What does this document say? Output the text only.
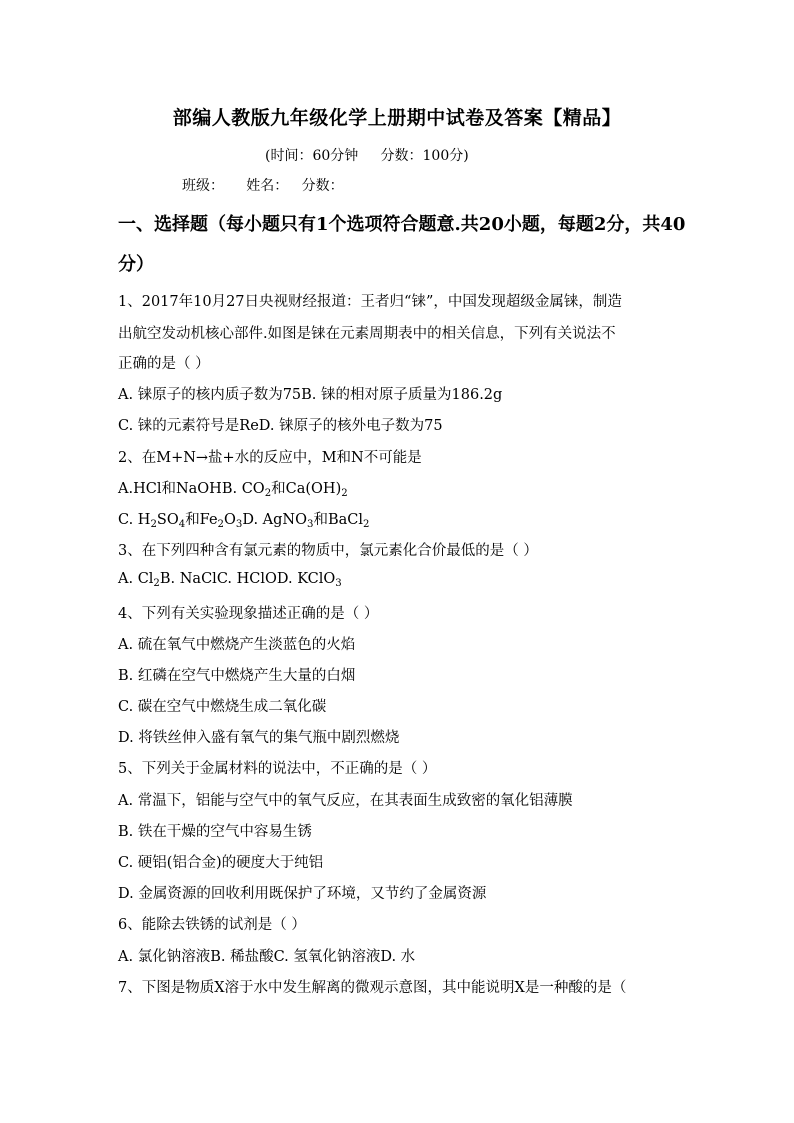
部编人教版九年级化学上册期中试卷及答案【精品】
(时间：60分钟     分数：100分)
班级：     姓名：   分数：
一、选择题（每小题只有1个选项符合题意.共20小题，每题2分，共40分）
1、2017年10月27日央视财经报道：王者归“铼”，中国发现超级金属铼，制造
出航空发动机核心部件.如图是铼在元素周期表中的相关信息，下列有关说法不
正确的是（ ）
A. 铼原子的核内质子数为75B. 铼的相对原子质量为186.2g
C. 铼的元素符号是ReD. 铼原子的核外电子数为75
2、在M+N→盐+水的反应中，M和N不可能是
A.HCl和NaOHB. $CO_2$和$Ca(OH)_2$
C. $H_2SO_4$和$Fe_2O_3D$. AgNO$_3$和BaCl$_2$
3、在下列四种含有氯元素的物质中，氯元素化合价最低的是（ ）
A. $Cl_2B$. NaClC. HClOD. KClO$_3$
4、下列有关实验现象描述正确的是（ ）
A. 硫在氧气中燃烧产生淡蓝色的火焰
B. 红磷在空气中燃烧产生大量的白烟
C. 碳在空气中燃烧生成二氧化碳
D. 将铁丝伸入盛有氧气的集气瓶中剧烈燃烧
5、下列关于金属材料的说法中，不正确的是（ ）
A. 常温下，铝能与空气中的氧气反应，在其表面生成致密的氧化铝薄膜
B. 铁在干燥的空气中容易生锈
C. 硬铝(铝合金)的硬度大于纯铝
D. 金属资源的回收利用既保护了环境，又节约了金属资源
6、能除去铁锈的试剂是（ ）
A. 氯化钠溶液B. 稀盐酸C. 氢氧化钠溶液D. 水
7、下图是物质X溶于水中发生解离的微观示意图，其中能说明X是一种酸的是（
